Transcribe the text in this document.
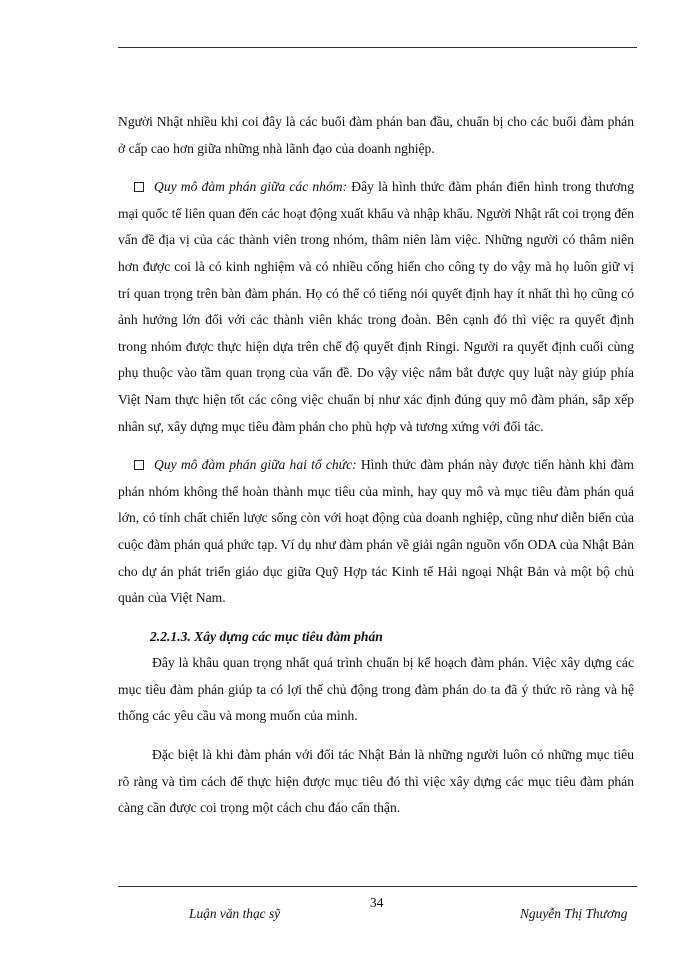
Người Nhật nhiều khi coi đây là các buổi đàm phán ban đầu, chuẩn bị cho các buổi đàm phán ở cấp cao hơn giữa những nhà lãnh đạo của doanh nghiệp.

Quy mô đàm phán giữa các nhóm: Đây là hình thức đàm phán điển hình trong thương mại quốc tế liên quan đến các hoạt động xuất khẩu và nhập khẩu. Người Nhật rất coi trọng đến vấn đề địa vị của các thành viên trong nhóm, thâm niên làm việc. Những người có thâm niên hơn được coi là có kinh nghiệm và có nhiều cống hiến cho công ty do vậy mà họ luôn giữ vị trí quan trọng trên bàn đàm phán. Họ có thể có tiếng nói quyết định hay ít nhất thì họ cũng có ảnh hưởng lớn đối với các thành viên khác trong đoàn. Bên cạnh đó thì việc ra quyết định trong nhóm được thực hiện dựa trên chế độ quyết định Ringi. Người ra quyết định cuối cùng phụ thuộc vào tầm quan trọng của vấn đề. Do vậy việc nắm bắt được quy luật này giúp phía Việt Nam thực hiện tốt các công việc chuẩn bị như xác định đúng quy mô đàm phán, sắp xếp nhân sự, xây dựng mục tiêu đàm phán cho phù hợp và tương xứng với đối tác.

Quy mô đàm phán giữa hai tổ chức: Hình thức đàm phán này được tiến hành khi đàm phán nhóm không thể hoàn thành mục tiêu của mình, hay quy mô và mục tiêu đàm phán quá lớn, có tính chất chiến lược sống còn với hoạt động của doanh nghiệp, cũng như diễn biến của cuộc đàm phán quá phức tạp. Ví dụ như đàm phán về giải ngân nguồn vốn ODA của Nhật Bản cho dự án phát triển giáo dục giữa Quỹ Hợp tác Kinh tế Hải ngoại Nhật Bản và một bộ chủ quản của Việt Nam.

2.2.1.3. Xây dựng các mục tiêu đàm phán

Đây là khâu quan trọng nhất quá trình chuẩn bị kế hoạch đàm phán. Việc xây dựng các mục tiêu đàm phán giúp ta có lợi thế chủ động trong đàm phán do ta đã ý thức rõ ràng và hệ thống các yêu cầu và mong muốn của mình.

Đặc biệt là khi đàm phán với đối tác Nhật Bản là những người luôn có những mục tiêu rõ ràng và tìm cách để thực hiện được mục tiêu đó thì việc xây dựng các mục tiêu đàm phán càng cần được coi trọng một cách chu đáo cẩn thận.

34
Luận văn thạc sỹ	Nguyễn Thị Thương
